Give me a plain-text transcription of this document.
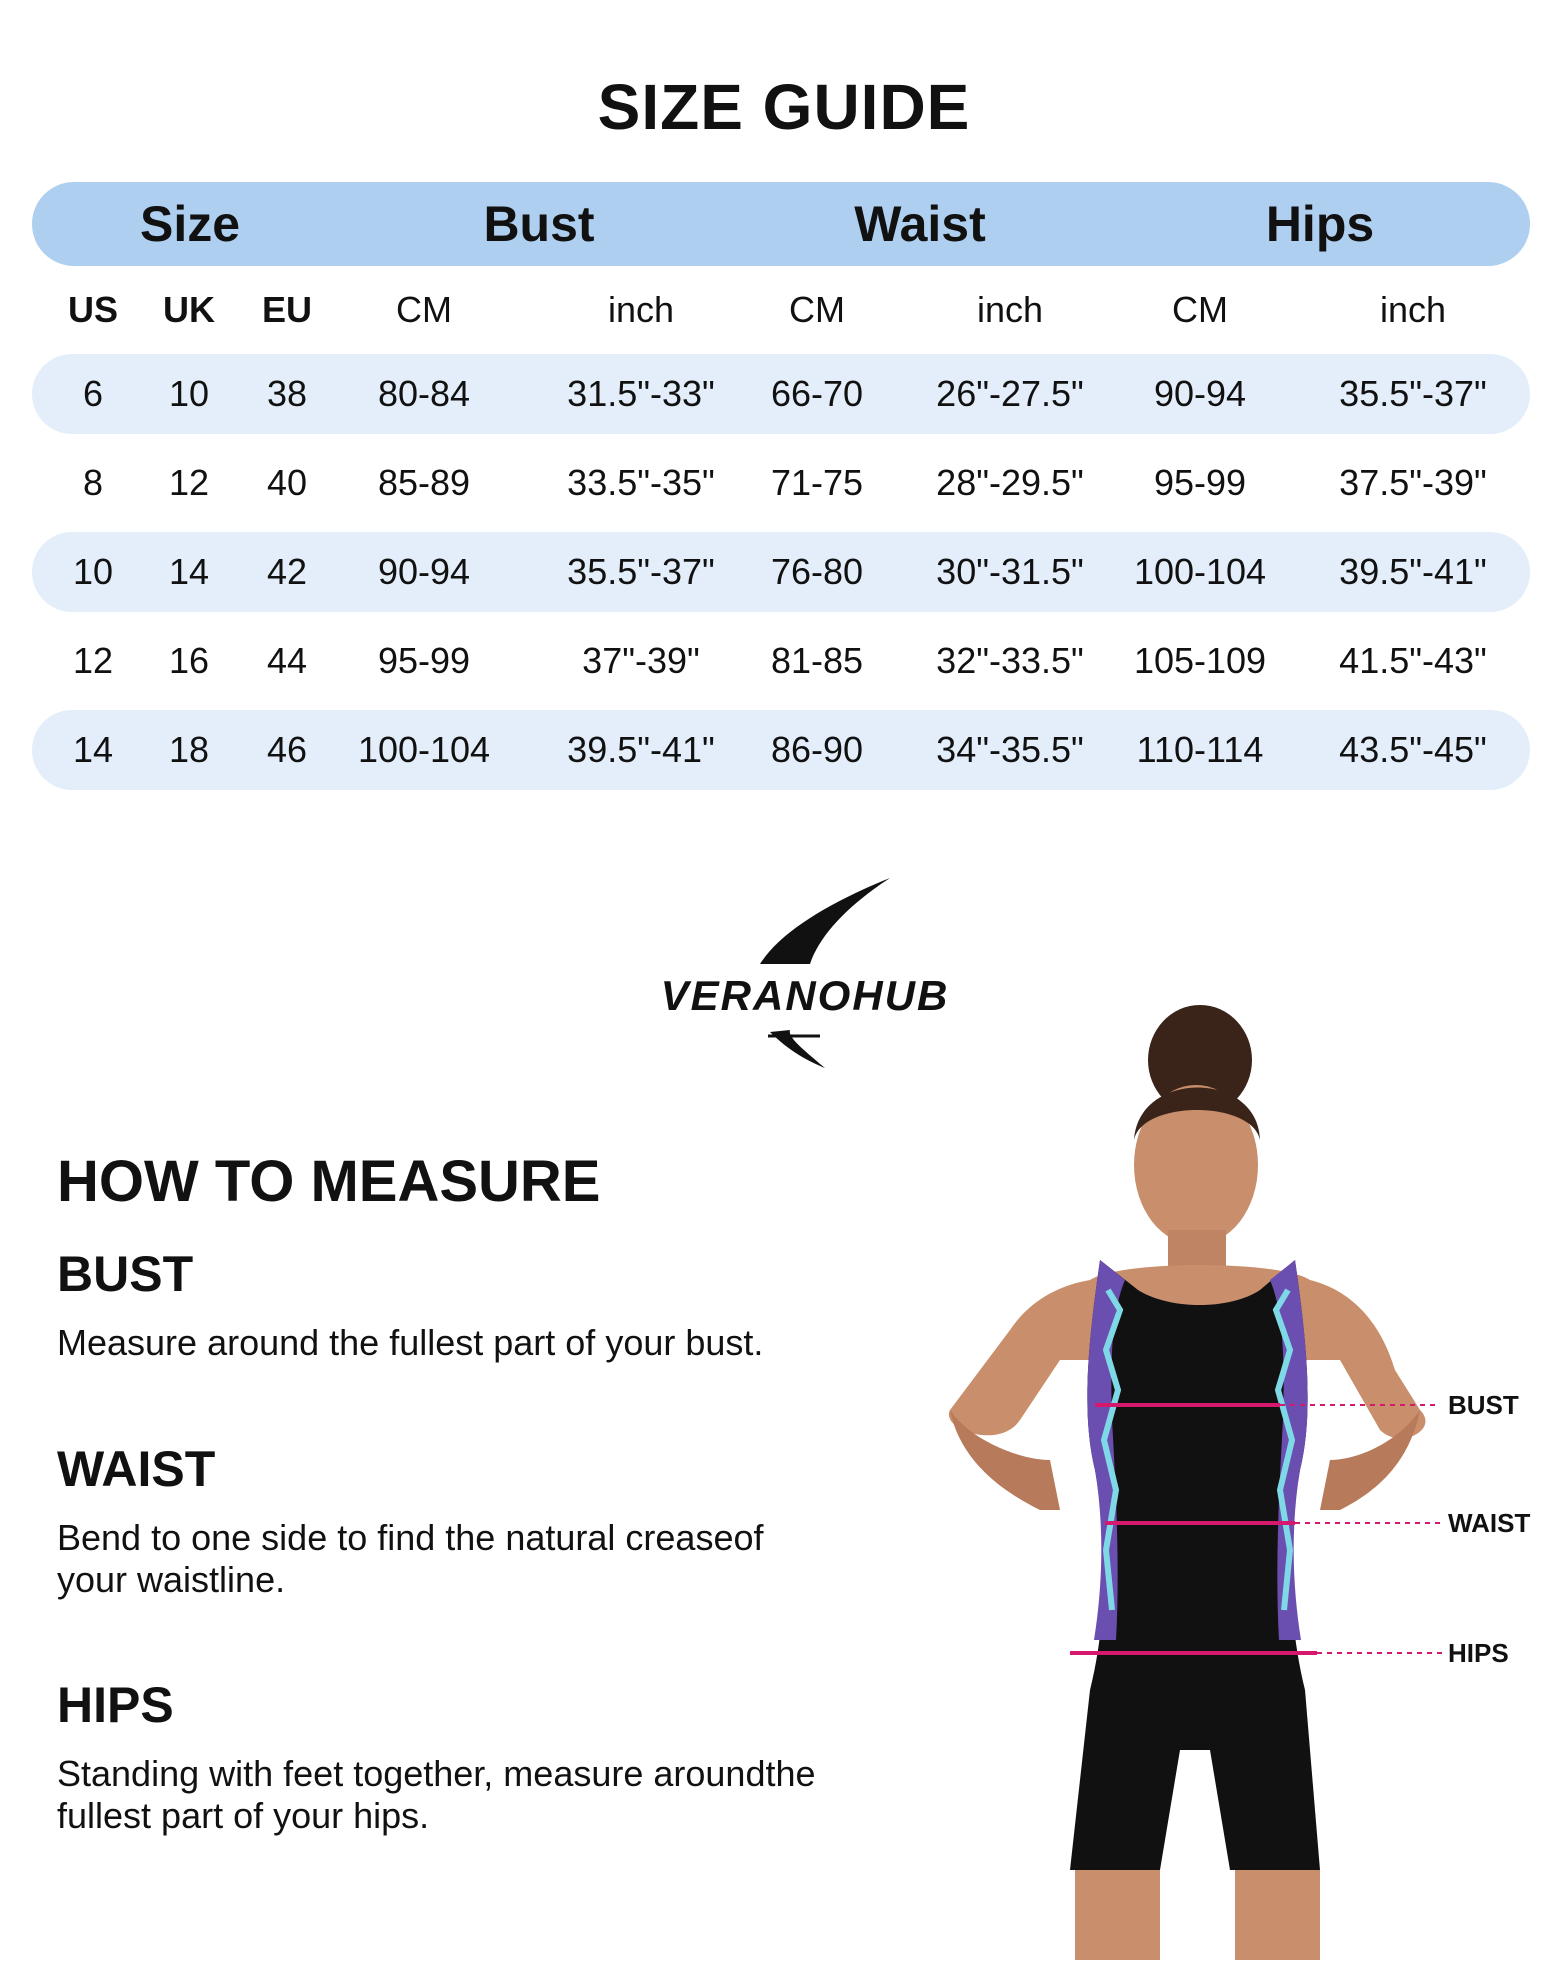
SIZE GUIDE
Size	Bust	Waist	Hips
US UK EU CM	inch	CM	inch	CM	inch
6 10 38 80-84	31.5"-33" 66-70 26"-27.5" 90-94	35.5"-37"
8 12 40 85-89	33.5"-35" 71-75 28"-29.5" 95-99	37.5"-39"
10 14 42 90-94	35.5"-37" 76-80 30"-31.5" 100-104 39.5"-41"
12 16 44 95-99	37"-39" 81-85 32"-33.5" 105-109 41.5"-43"
14 18 46 100-104 39.5"-41" 86-90 34"-35.5" 110-114 43.5"-45"
VERANOHUB
HOW TO MEASURE
BUST
Measure around the fullest part of your bust.
WAIST
Bend to one side to find the natural creaseof your waistline.
HIPS
Standing with feet together, measure aroundthe fullest part of your hips.
BUST
WAIST
HIPS
